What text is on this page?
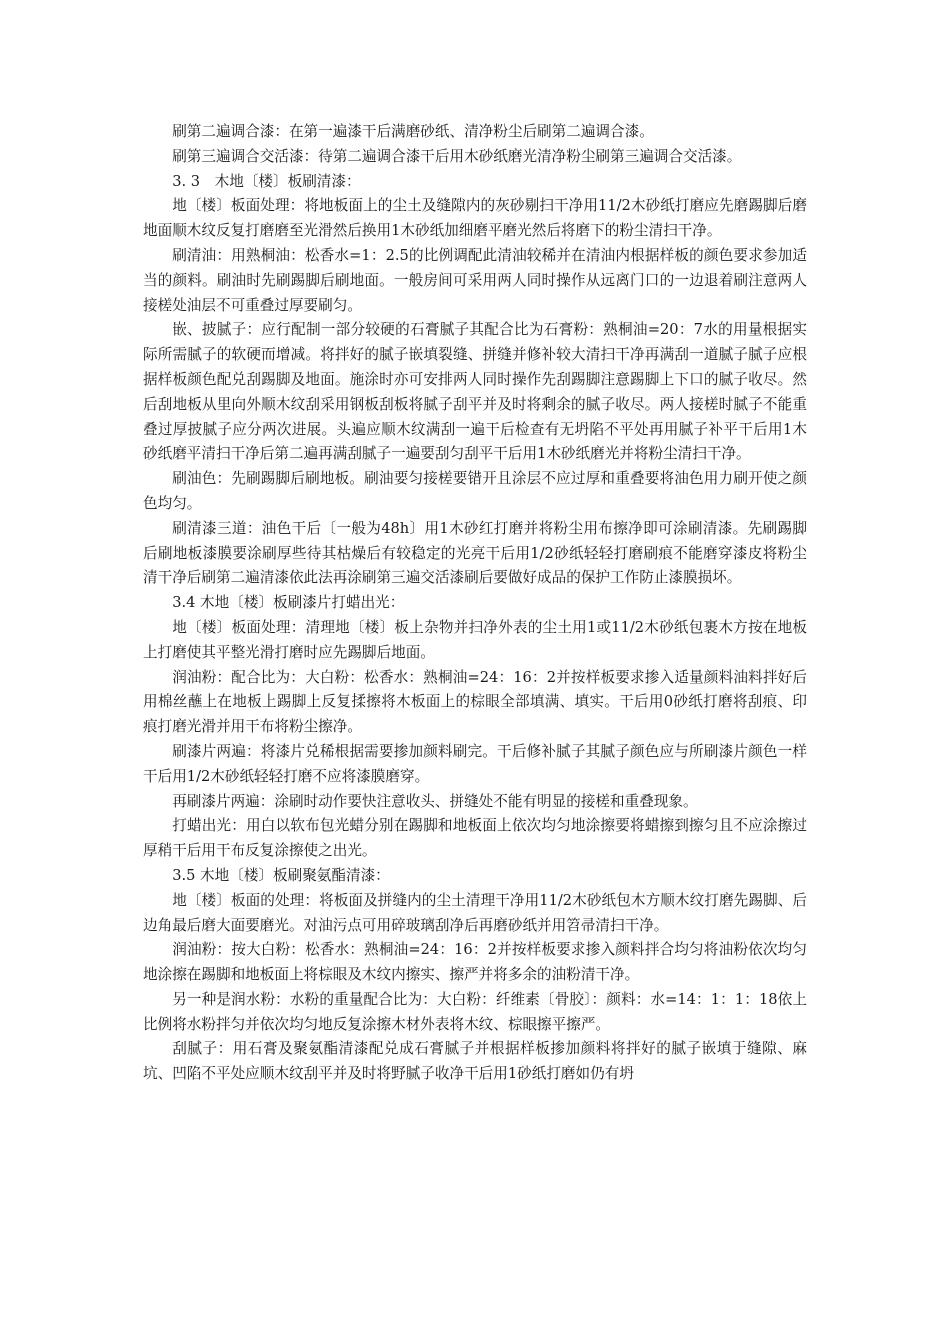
刷第二遍调合漆：在第一遍漆干后满磨砂纸、清净粉尘后刷第二遍调合漆。

刷第三遍调合交活漆：待第二遍调合漆干后用木砂纸磨光清净粉尘刷第三遍调合交活漆。

3. 3　木地〔楼〕板刷清漆：

地〔楼〕板面处理：将地板面上的尘土及缝隙内的灰砂剔扫干净用11/2木砂纸打磨应先磨踢脚后磨地面顺木纹反复打磨磨至光滑然后换用1木砂纸加细磨平磨光然后将磨下的粉尘清扫干净。

刷清油：用熟桐油：松香水=1：2.5的比例调配此清油较稀并在清油内根据样板的颜色要求参加适当的颜料。刷油时先刷踢脚后刷地面。一般房间可采用两人同时操作从远离门口的一边退着刷注意两人接槎处油层不可重叠过厚要刷匀。

嵌、披腻子：应行配制一部分较硬的石膏腻子其配合比为石膏粉：熟桐油=20：7水的用量根据实际所需腻子的软硬而增减。将拌好的腻子嵌填裂缝、拼缝并修补较大清扫干净再满刮一道腻子腻子应根据样板颜色配兑刮踢脚及地面。施涂时亦可安排两人同时操作先刮踢脚注意踢脚上下口的腻子收尽。然后刮地板从里向外顺木纹刮采用钢板刮板将腻子刮平并及时将剩余的腻子收尽。两人接槎时腻子不能重叠过厚披腻子应分两次进展。头遍应顺木纹满刮一遍干后检查有无坍陷不平处再用腻子补平干后用1木砂纸磨平清扫干净后第二遍再满刮腻子一遍要刮匀刮平干后用1木砂纸磨光并将粉尘清扫干净。

刷油色：先刷踢脚后刷地板。刷油要匀接槎要错开且涂层不应过厚和重叠要将油色用力刷开使之颜色均匀。

刷清漆三道：油色干后〔一般为48h〕用1木砂红打磨并将粉尘用布擦净即可涂刷清漆。先刷踢脚后刷地板漆膜要涂刷厚些待其枯燥后有较稳定的光亮干后用1/2砂纸轻轻打磨刷痕不能磨穿漆皮将粉尘清干净后刷第二遍清漆依此法再涂刷第三遍交活漆刷后要做好成品的保护工作防止漆膜损坏。

3.4 木地〔楼〕板刷漆片打蜡出光：

地〔楼〕板面处理：清理地〔楼〕板上杂物并扫净外表的尘土用1或11/2木砂纸包裹木方按在地板上打磨使其平整光滑打磨时应先踢脚后地面。

润油粉：配合比为：大白粉：松香水：熟桐油=24：16：2并按样板要求掺入适量颜料油料拌好后用棉丝蘸上在地板上踢脚上反复揉擦将木板面上的棕眼全部填满、填实。干后用0砂纸打磨将刮痕、印痕打磨光滑并用干布将粉尘擦净。

刷漆片两遍：将漆片兑稀根据需要掺加颜料刷完。干后修补腻子其腻子颜色应与所刷漆片颜色一样干后用1/2木砂纸轻轻打磨不应将漆膜磨穿。

再刷漆片两遍：涂刷时动作要快注意收头、拼缝处不能有明显的接槎和重叠现象。

打蜡出光：用白以软布包光蜡分别在踢脚和地板面上依次均匀地涂擦要将蜡擦到擦匀且不应涂擦过厚稍干后用干布反复涂擦使之出光。

3.5 木地〔楼〕板刷聚氨酯清漆：

地〔楼〕板面的处理：将板面及拼缝内的尘土清理干净用11/2木砂纸包木方顺木纹打磨先踢脚、后边角最后磨大面要磨光。对油污点可用碎玻璃刮净后再磨砂纸并用笤帚清扫干净。

润油粉：按大白粉：松香水：熟桐油=24：16：2并按样板要求掺入颜料拌合均匀将油粉依次均匀地涂擦在踢脚和地板面上将棕眼及木纹内擦实、擦严并将多余的油粉清干净。

另一种是润水粉：水粉的重量配合比为：大白粉：纤维素〔骨胶〕：颜料：水=14：1：1：18依上比例将水粉拌匀并依次均匀地反复涂擦木材外表将木纹、棕眼擦平擦严。

刮腻子：用石膏及聚氨酯清漆配兑成石膏腻子并根据样板掺加颜料将拌好的腻子嵌填于缝隙、麻坑、凹陷不平处应顺木纹刮平并及时将野腻子收净干后用1砂纸打磨如仍有坍
